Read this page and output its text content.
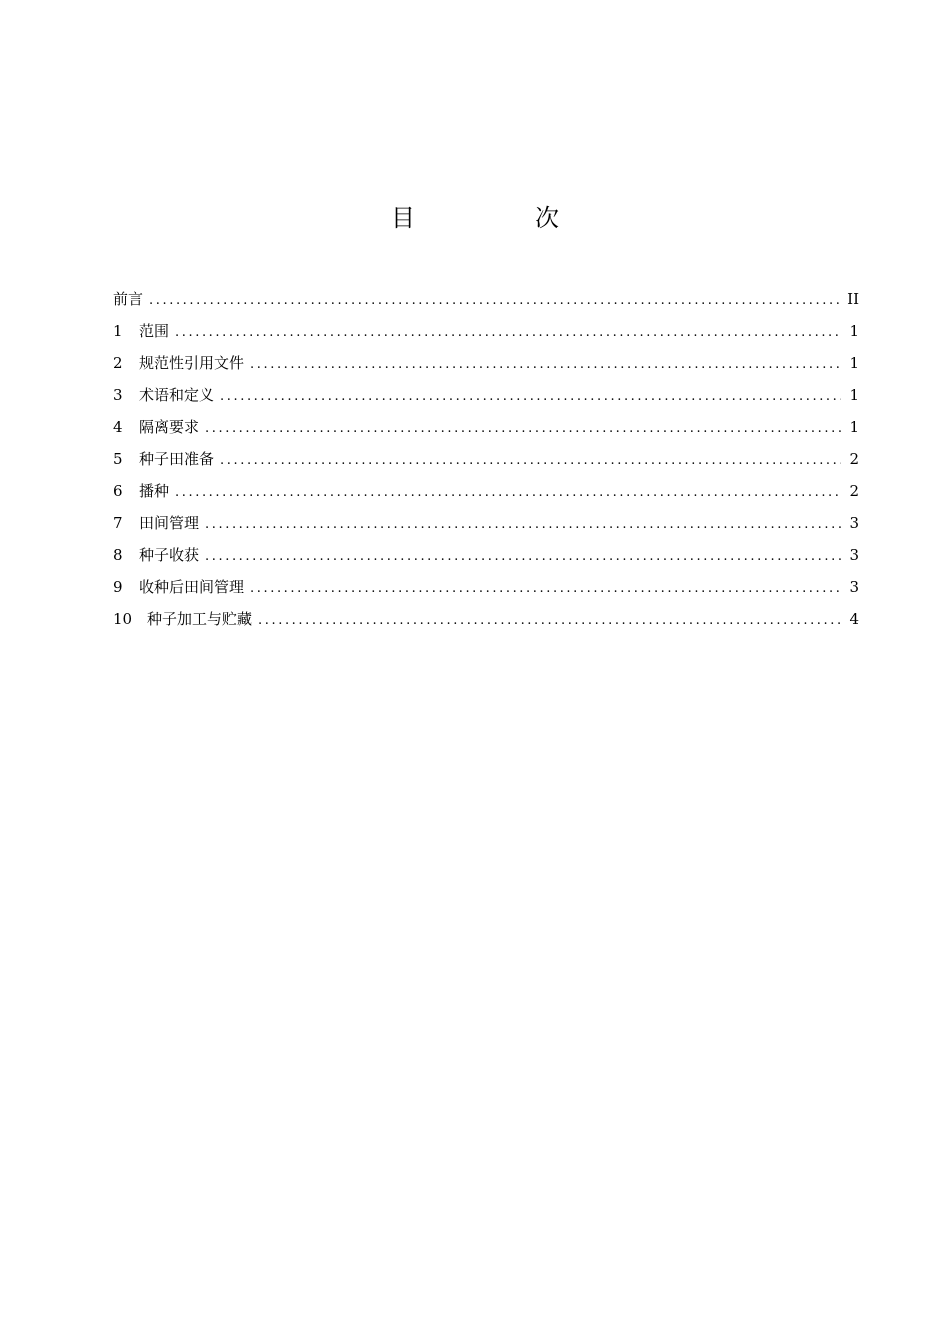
目　次
前言 .....	II
1	范围 .....	1
2	规范性引用文件 .....	1
3	术语和定义 .....	1
4	隔离要求 .....	1
5	种子田准备 .....	2
6	播种 .....	2
7	田间管理 .....	3
8	种子收获 .....	3
9	收种后田间管理 .....	3
10 种子加工与贮藏 .....	4
